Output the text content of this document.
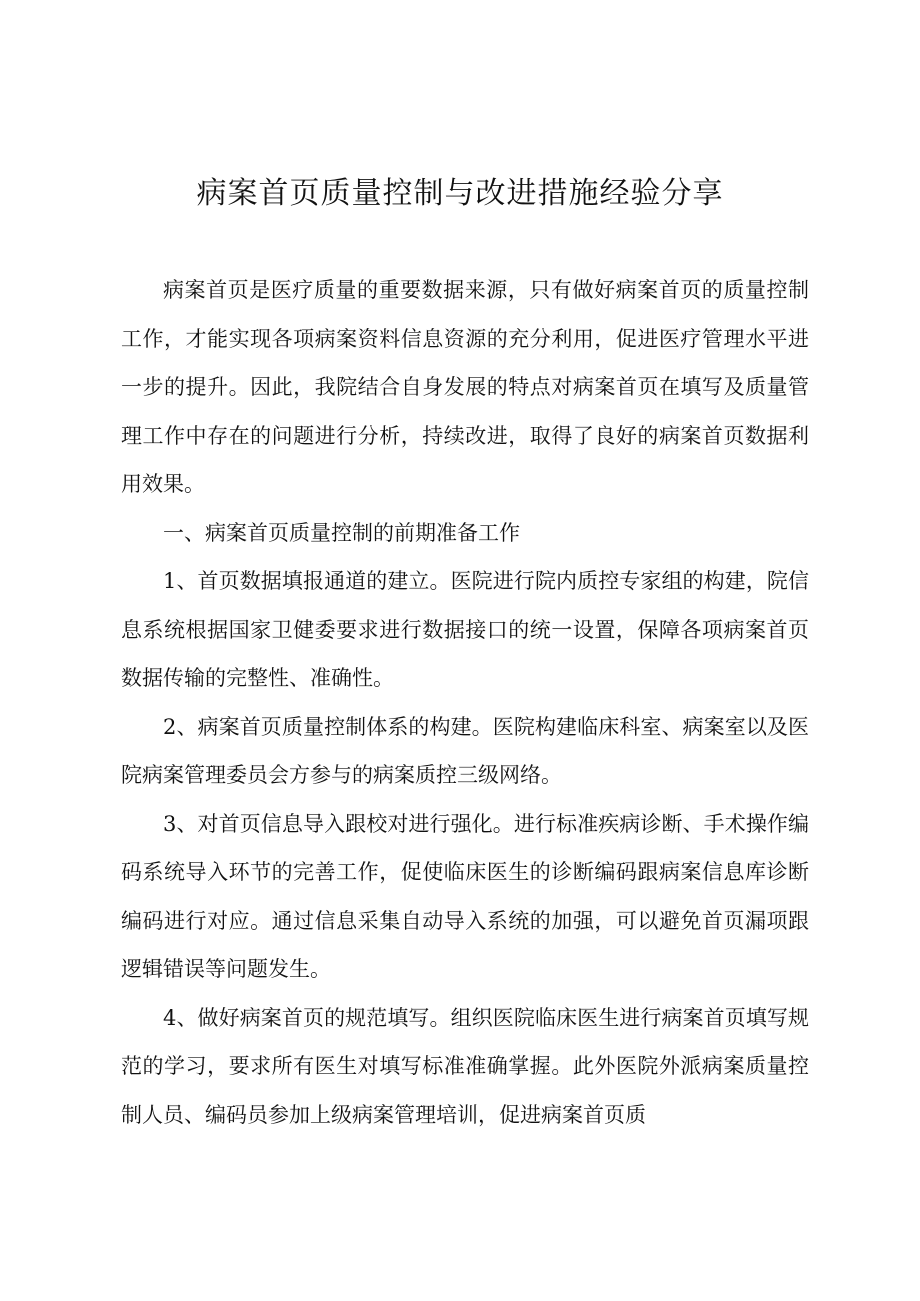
病案首页质量控制与改进措施经验分享

病案首页是医疗质量的重要数据来源，只有做好病案首页的质量控制工作，才能实现各项病案资料信息资源的充分利用，促进医疗管理水平进一步的提升。因此，我院结合自身发展的特点对病案首页在填写及质量管理工作中存在的问题进行分析，持续改进，取得了良好的病案首页数据利用效果。

一、病案首页质量控制的前期准备工作

1、首页数据填报通道的建立。医院进行院内质控专家组的构建，院信息系统根据国家卫健委要求进行数据接口的统一设置，保障各项病案首页数据传输的完整性、准确性。

2、病案首页质量控制体系的构建。医院构建临床科室、病案室以及医院病案管理委员会方参与的病案质控三级网络。

3、对首页信息导入跟校对进行强化。进行标准疾病诊断、手术操作编码系统导入环节的完善工作，促使临床医生的诊断编码跟病案信息库诊断编码进行对应。通过信息采集自动导入系统的加强，可以避免首页漏项跟逻辑错误等问题发生。

4、做好病案首页的规范填写。组织医院临床医生进行病案首页填写规范的学习，要求所有医生对填写标准准确掌握。此外医院外派病案质量控制人员、编码员参加上级病案管理培训，促进病案首页质
